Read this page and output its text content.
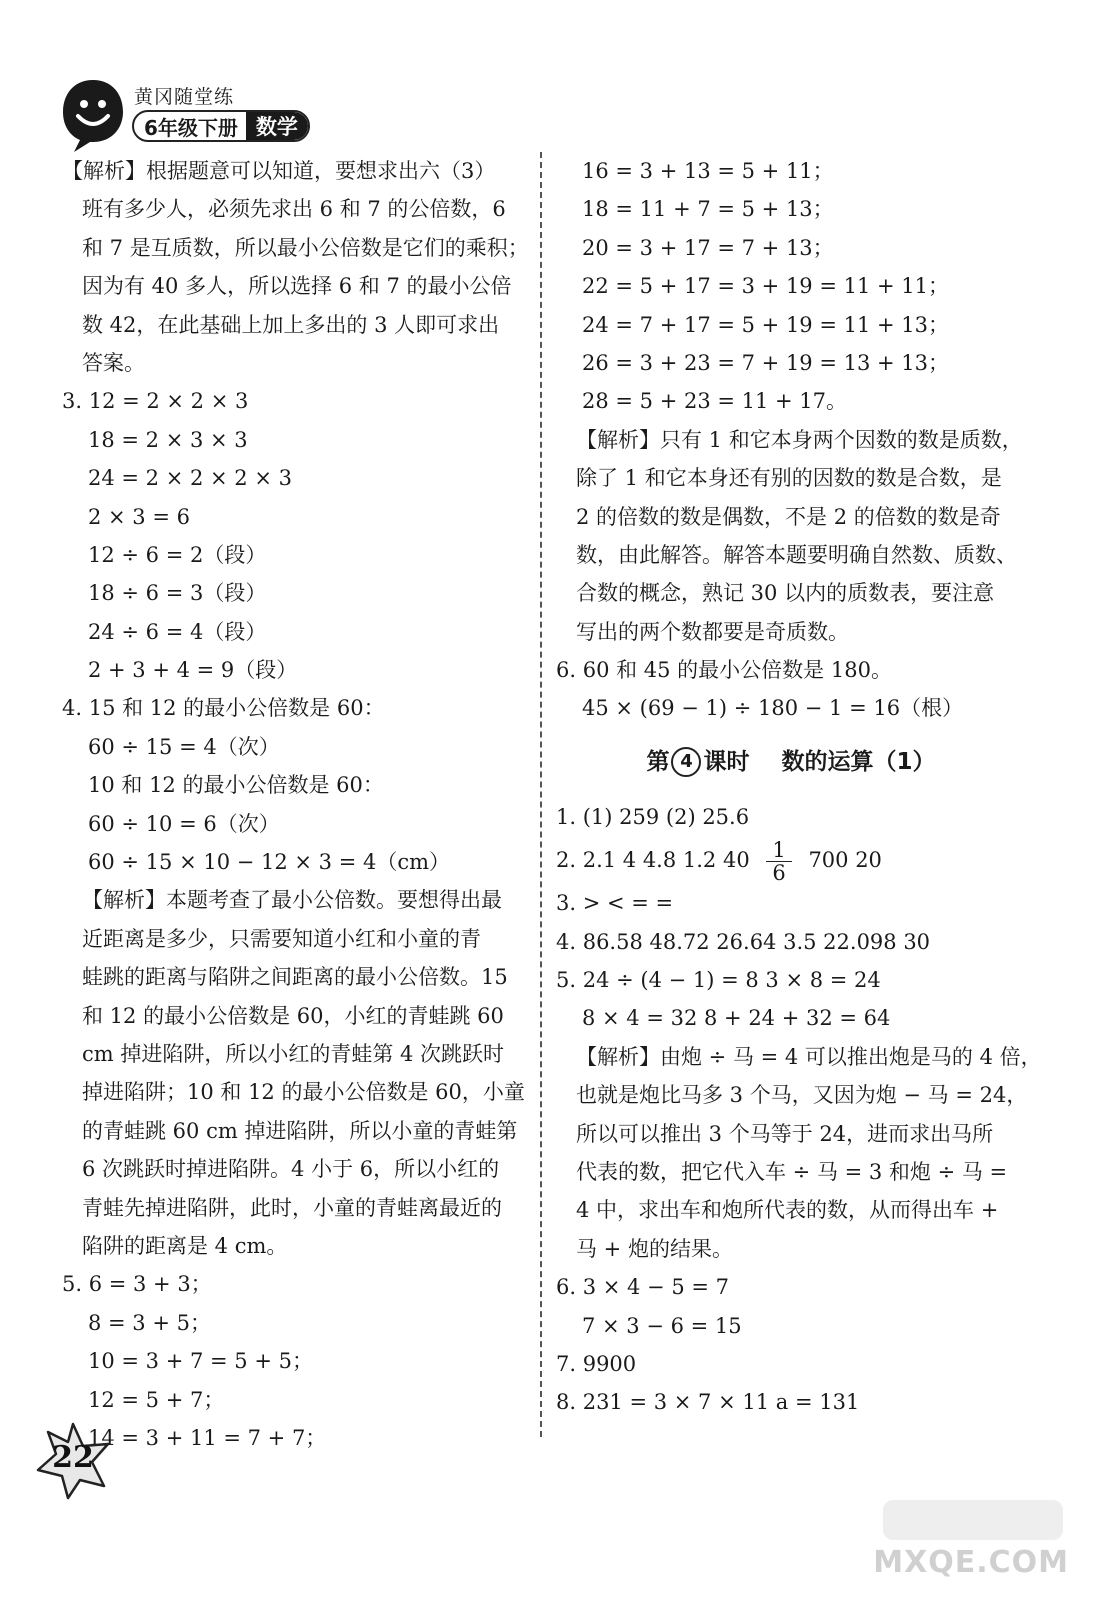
黄冈随堂练
6年级下册 数学
【解析】根据题意可以知道，要想求出六（3）
班有多少人，必须先求出 6 和 7 的公倍数，6
和 7 是互质数，所以最小公倍数是它们的乘积；
因为有 40 多人，所以选择 6 和 7 的最小公倍
数 42，在此基础上加上多出的 3 人即可求出
答案。
3. 12 = 2 × 2 × 3
18 = 2 × 3 × 3
24 = 2 × 2 × 2 × 3
2 × 3 = 6
12 ÷ 6 = 2（段）
18 ÷ 6 = 3（段）
24 ÷ 6 = 4（段）
2 + 3 + 4 = 9（段）
4. 15 和 12 的最小公倍数是 60：
60 ÷ 15 = 4（次）
10 和 12 的最小公倍数是 60：
60 ÷ 10 = 6（次）
60 ÷ 15 × 10 − 12 × 3 = 4（cm）
【解析】本题考查了最小公倍数。要想得出最
近距离是多少，只需要知道小红和小童的青
蛙跳的距离与陷阱之间距离的最小公倍数。15
和 12 的最小公倍数是 60，小红的青蛙跳 60
cm 掉进陷阱，所以小红的青蛙第 4 次跳跃时
掉进陷阱；10 和 12 的最小公倍数是 60，小童
的青蛙跳 60 cm 掉进陷阱，所以小童的青蛙第
6 次跳跃时掉进陷阱。4 小于 6，所以小红的
青蛙先掉进陷阱，此时，小童的青蛙离最近的
陷阱的距离是 4 cm。
5. 6 = 3 + 3；
8 = 3 + 5；
10 = 3 + 7 = 5 + 5；
12 = 5 + 7；
14 = 3 + 11 = 7 + 7；
16 = 3 + 13 = 5 + 11；
18 = 11 + 7 = 5 + 13；
20 = 3 + 17 = 7 + 13；
22 = 5 + 17 = 3 + 19 = 11 + 11；
24 = 7 + 17 = 5 + 19 = 11 + 13；
26 = 3 + 23 = 7 + 19 = 13 + 13；
28 = 5 + 23 = 11 + 17。
【解析】只有 1 和它本身两个因数的数是质数，
除了 1 和它本身还有别的因数的数是合数，是
2 的倍数的数是偶数，不是 2 的倍数的数是奇
数，由此解答。解答本题要明确自然数、质数、
合数的概念，熟记 30 以内的质数表，要注意
写出的两个数都要是奇质数。
6. 60 和 45 的最小公倍数是 180。
45 × (69 − 1) ÷ 180 − 1 = 16（根）
第 4 课时 数的运算（1）
1. (1) 259 (2) 25.6
2. 2.1 4 4.8 1.2 $40 \frac{1}{6} 700$ 20
3. > < = =
4. 86.58 48.72 26.64 3.5 22.098 30
5. 24 ÷ (4 − 1) = 8 3 × 8 = 24
8 × 4 = 32 8 + 24 + 32 = 64
【解析】由炮 ÷ 马 = 4 可以推出炮是马的 4 倍，
也就是炮比马多 3 个马，又因为炮 − 马 = 24，
所以可以推出 3 个马等于 24，进而求出马所
代表的数，把它代入车 ÷ 马 = 3 和炮 ÷ 马 =
4 中，求出车和炮所代表的数，从而得出车 +
马 + 炮的结果。
6. 3 × 4 − 5 = 7
7 × 3 − 6 = 15
7. 9900
8. 231 = 3 × 7 × 11 a = 131
22
MXQE.COM
